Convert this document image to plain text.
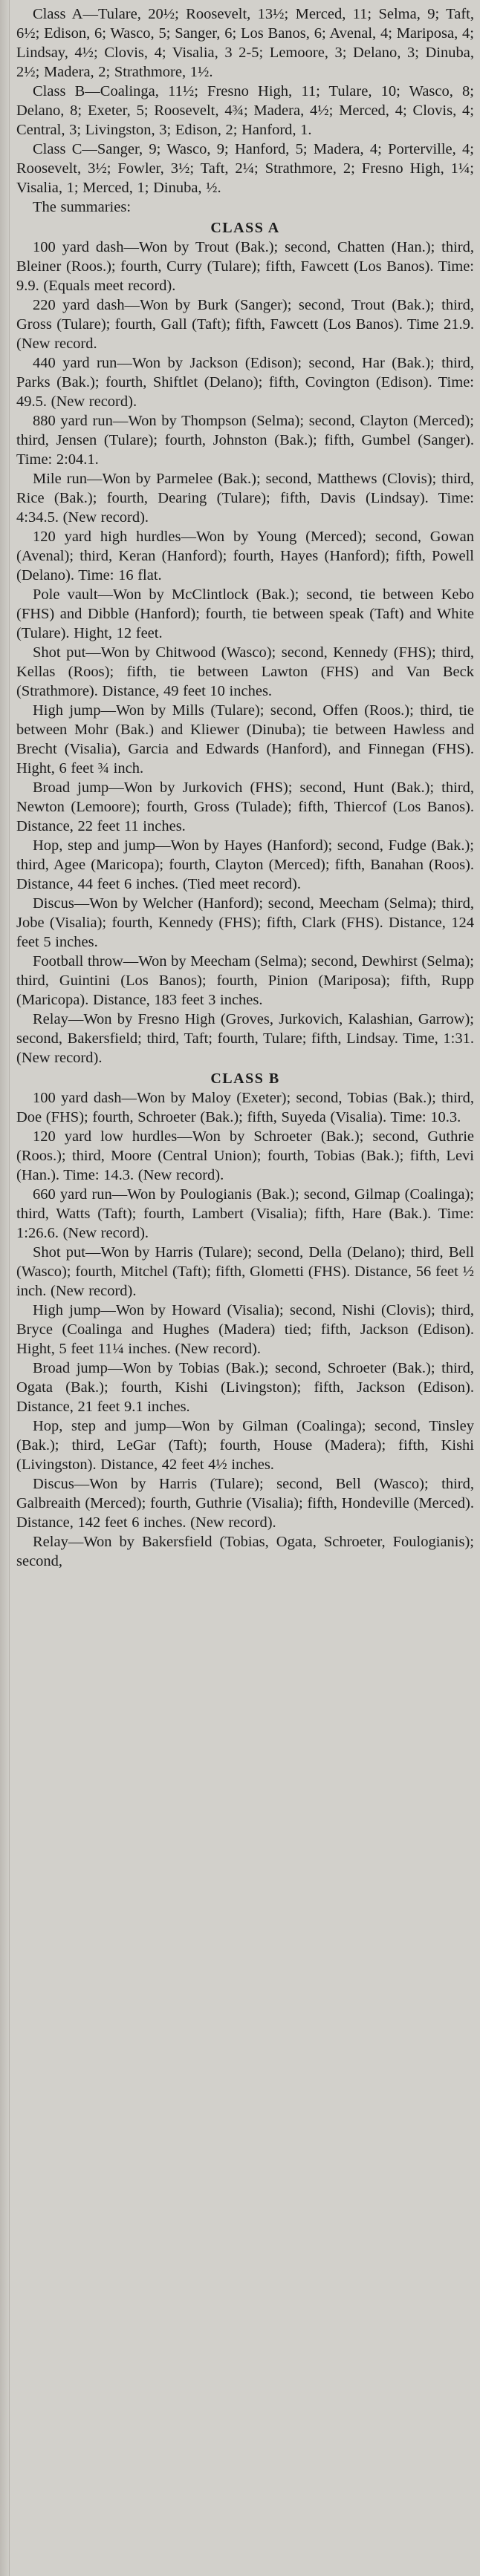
Class A—Tulare, 20½; Roosevelt, 13½; Merced, 11; Selma, 9; Taft, 6½; Edison, 6; Wasco, 5; Sanger, 6; Los Banos, 6; Avenal, 4; Mariposa, 4; Lindsay, 4½; Clovis, 4; Visalia, 3 2-5; Lemoore, 3; Delano, 3; Dinuba, 2½; Madera, 2; Strathmore, 1½.

Class B—Coalinga, 11½; Fresno High, 11; Tulare, 10; Wasco, 8; Delano, 8; Exeter, 5; Roosevelt, 4¾; Madera, 4½; Merced, 4; Clovis, 4; Central, 3; Livingston, 3; Edison, 2; Hanford, 1.

Class C—Sanger, 9; Wasco, 9; Hanford, 5; Madera, 4; Porterville, 4; Roosevelt, 3½; Fowler, 3½; Taft, 2¼; Strathmore, 2; Fresno High, 1¼; Visalia, 1; Merced, 1; Dinuba, ½.

The summaries:

CLASS A

100 yard dash—Won by Trout (Bak.); second, Chatten (Han.); third, Bleiner (Roos.); fourth, Curry (Tulare); fifth, Fawcett (Los Banos). Time: 9.9. (Equals meet record).

220 yard dash—Won by Burk (Sanger); second, Trout (Bak.); third, Gross (Tulare); fourth, Gall (Taft); fifth, Fawcett (Los Banos). Time 21.9. (New record.

440 yard run—Won by Jackson (Edison); second, Har (Bak.); third, Parks (Bak.); fourth, Shiftlet (Delano); fifth, Covington (Edison). Time: 49.5. (New record).

880 yard run—Won by Thompson (Selma); second, Clayton (Merced); third, Jensen (Tulare); fourth, Johnston (Bak.); fifth, Gumbel (Sanger). Time: 2:04.1.

Mile run—Won by Parmelee (Bak.); second, Matthews (Clovis); third, Rice (Bak.); fourth, Dearing (Tulare); fifth, Davis (Lindsay). Time: 4:34.5. (New record).

120 yard high hurdles—Won by Young (Merced); second, Gowan (Avenal); third, Keran (Hanford); fourth, Hayes (Hanford); fifth, Powell (Delano). Time: 16 flat.

Pole vault—Won by McClintlock (Bak.); second, tie between Kebo (FHS) and Dibble (Hanford); fourth, tie between speak (Taft) and White (Tulare). Hight, 12 feet.

Shot put—Won by Chitwood (Wasco); second, Kennedy (FHS); third, Kellas (Roos); fifth, tie between Lawton (FHS) and Van Beck (Strathmore). Distance, 49 feet 10 inches.

High jump—Won by Mills (Tulare); second, Offen (Roos.); third, tie between Mohr (Bak.) and Kliewer (Dinuba); tie between Hawless and Brecht (Visalia), Garcia and Edwards (Hanford), and Finnegan (FHS). Hight, 6 feet ¾ inch.

Broad jump—Won by Jurkovich (FHS); second, Hunt (Bak.); third, Newton (Lemoore); fourth, Gross (Tulade); fifth, Thiercof (Los Banos). Distance, 22 feet 11 inches.

Hop, step and jump—Won by Hayes (Hanford); second, Fudge (Bak.); third, Agee (Maricopa); fourth, Clayton (Merced); fifth, Banahan (Roos). Distance, 44 feet 6 inches. (Tied meet record).

Discus—Won by Welcher (Hanford); second, Meecham (Selma); third, Jobe (Visalia); fourth, Kennedy (FHS); fifth, Clark (FHS). Distance, 124 feet 5 inches.

Football throw—Won by Meecham (Selma); second, Dewhirst (Selma); third, Guintini (Los Banos); fourth, Pinion (Mariposa); fifth, Rupp (Maricopa). Distance, 183 feet 3 inches.

Relay—Won by Fresno High (Groves, Jurkovich, Kalashian, Garrow); second, Bakersfield; third, Taft; fourth, Tulare; fifth, Lindsay. Time, 1:31. (New record).

CLASS B

100 yard dash—Won by Maloy (Exeter); second, Tobias (Bak.); third, Doe (FHS); fourth, Schroeter (Bak.); fifth, Suyeda (Visalia). Time: 10.3.

120 yard low hurdles—Won by Schroeter (Bak.); second, Guthrie (Roos.); third, Moore (Central Union); fourth, Tobias (Bak.); fifth, Levi (Han.). Time: 14.3. (New record).

660 yard run—Won by Poulogianis (Bak.); second, Gilmap (Coalinga); third, Watts (Taft); fourth, Lambert (Visalia); fifth, Hare (Bak.). Time: 1:26.6. (New record).

Shot put—Won by Harris (Tulare); second, Della (Delano); third, Bell (Wasco); fourth, Mitchel (Taft); fifth, Glometti (FHS). Distance, 56 feet ½ inch. (New record).

High jump—Won by Howard (Visalia); second, Nishi (Clovis); third, Bryce (Coalinga and Hughes (Madera) tied; fifth, Jackson (Edison). Hight, 5 feet 11¼ inches. (New record).

Broad jump—Won by Tobias (Bak.); second, Schroeter (Bak.); third, Ogata (Bak.); fourth, Kishi (Livingston); fifth, Jackson (Edison). Distance, 21 feet 9.1 inches.

Hop, step and jump—Won by Gilman (Coalinga); second, Tinsley (Bak.); third, LeGar (Taft); fourth, House (Madera); fifth, Kishi (Livingston). Distance, 42 feet 4½ inches.

Discus—Won by Harris (Tulare); second, Bell (Wasco); third, Galbreaith (Merced); fourth, Guthrie (Visalia); fifth, Hondeville (Merced). Distance, 142 feet 6 inches. (New record).

Relay—Won by Bakersfield (Tobias, Ogata, Schroeter, Foulogianis); second,
